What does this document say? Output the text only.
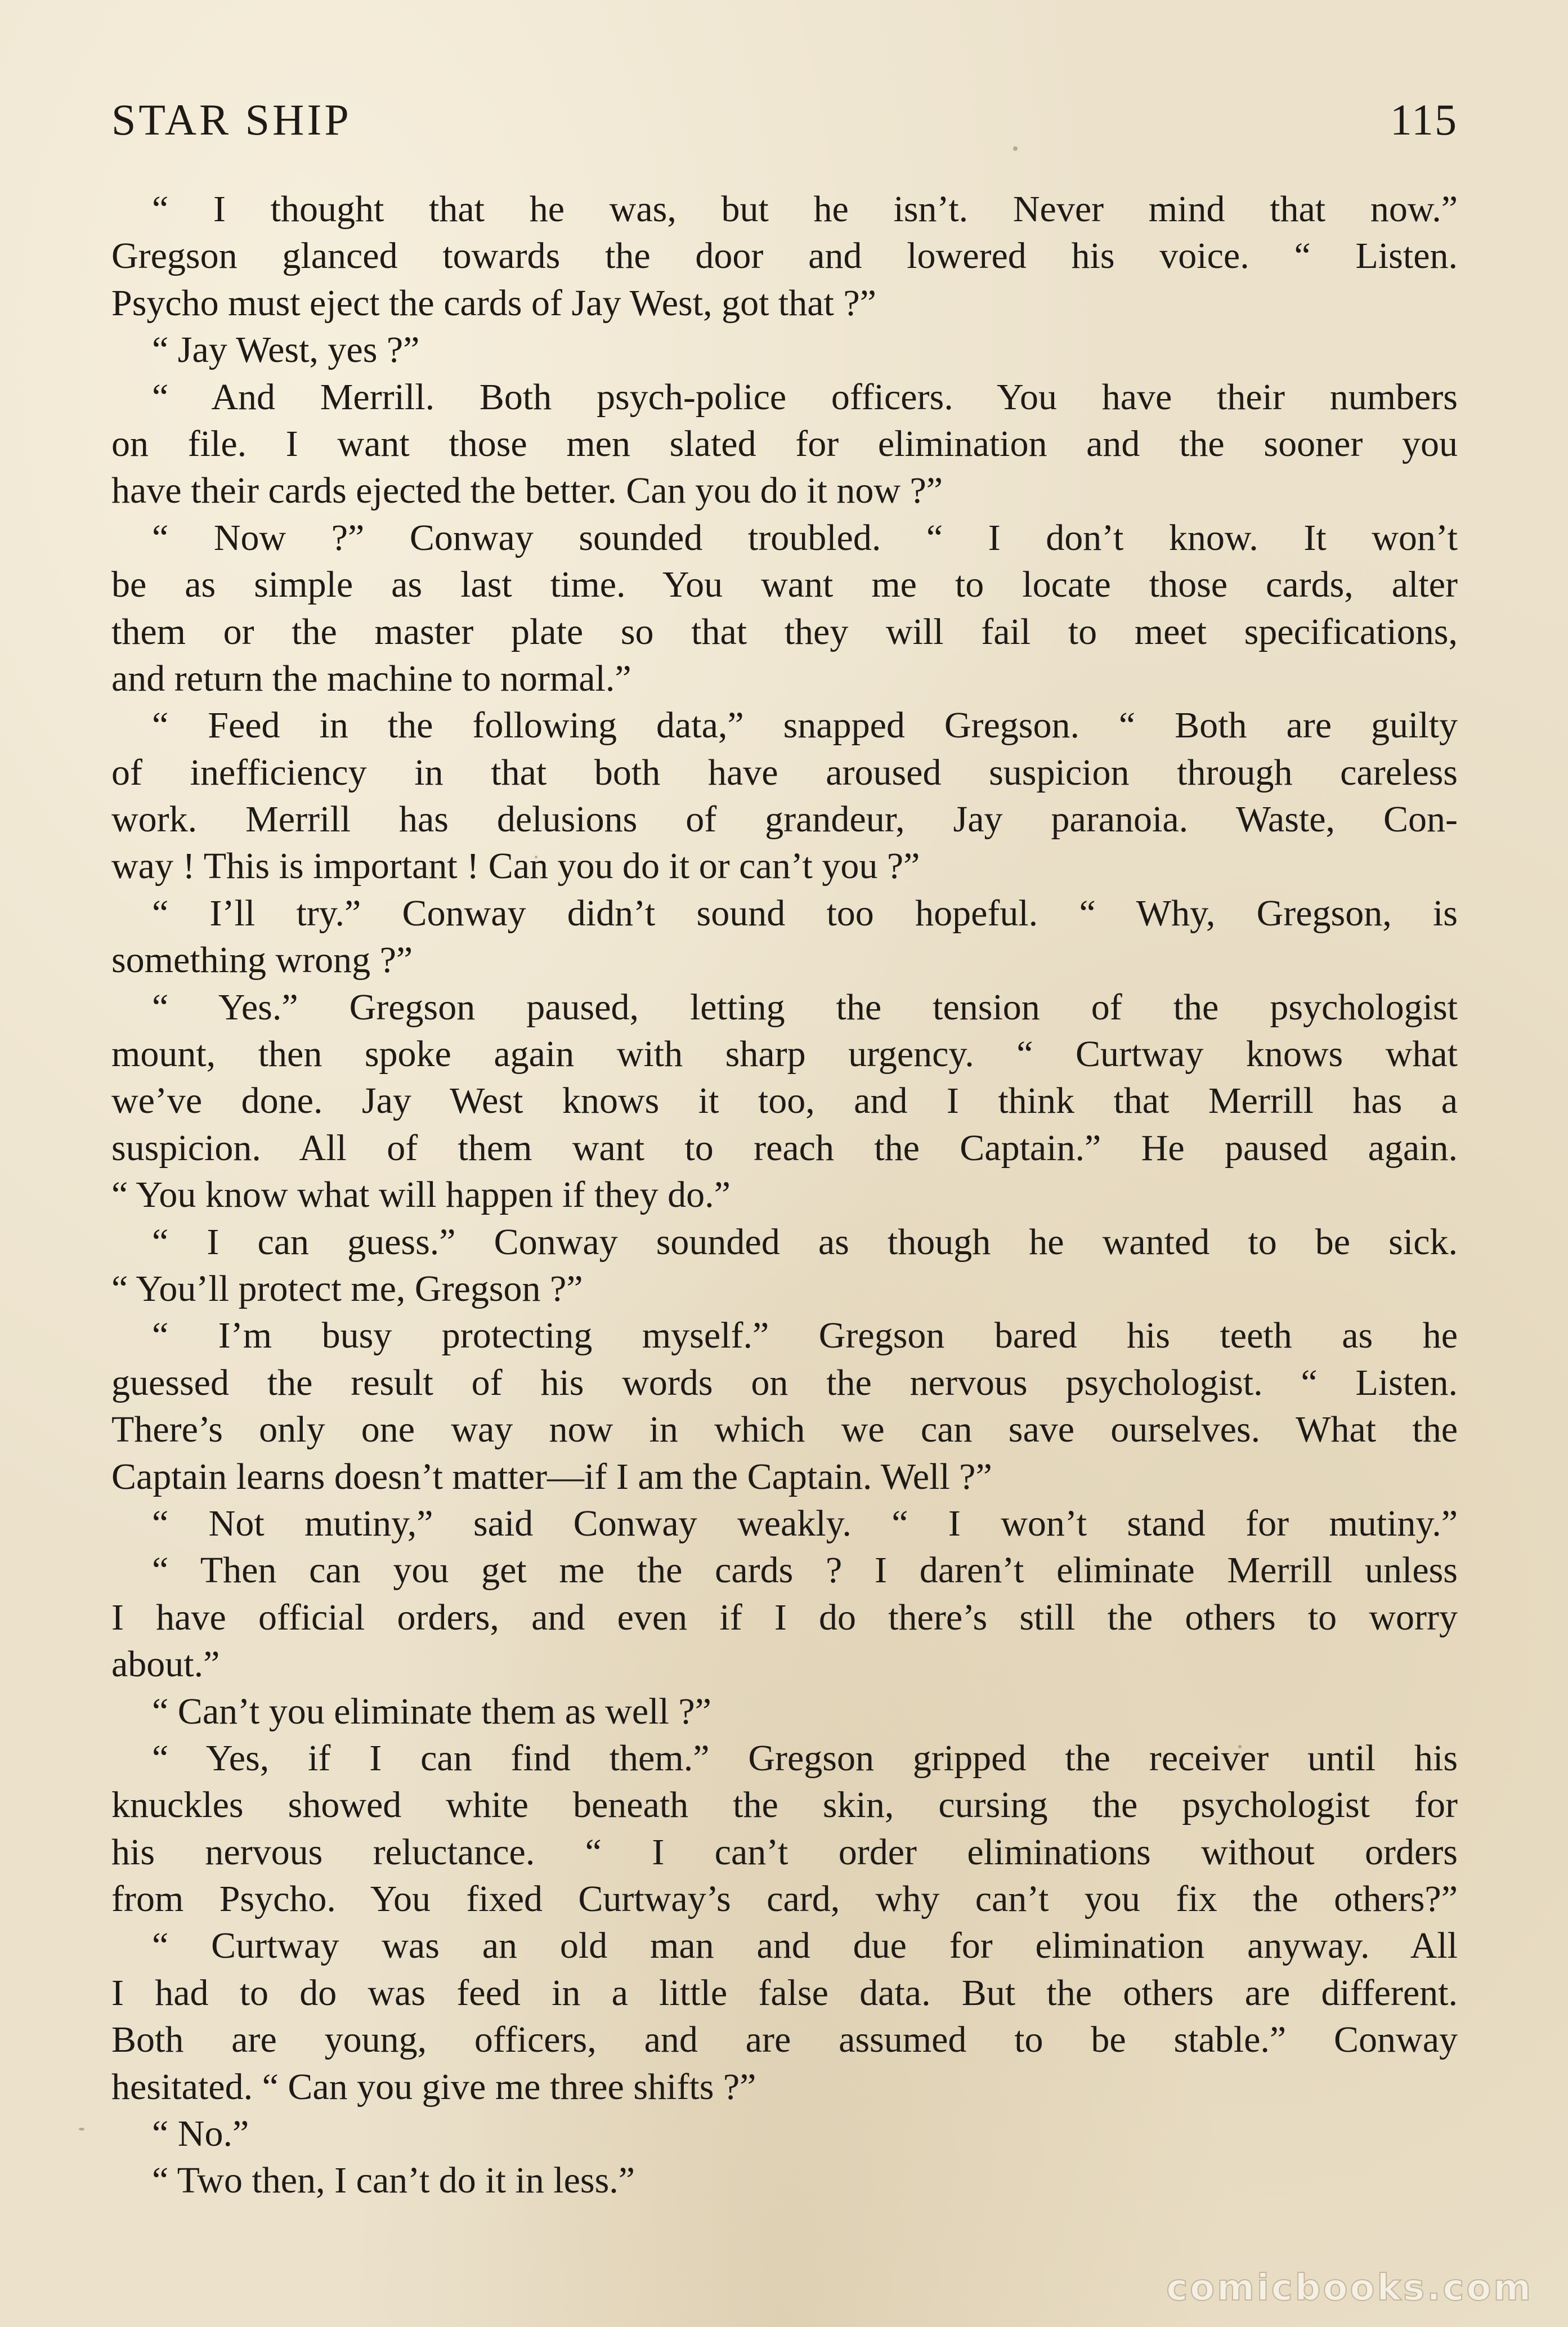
STAR SHIP	115
“ I thought that he was, but he isn’t. Never mind that now.”
Gregson glanced towards the door and lowered his voice. “ Listen.
Psycho must eject the cards of Jay West, got that ?”
“ Jay West, yes ?”
“ And Merrill. Both psych-police officers. You have their numbers
on file. I want those men slated for elimination and the sooner you
have their cards ejected the better. Can you do it now ?”
“ Now ?” Conway sounded troubled. “ I don’t know. It won’t
be as simple as last time. You want me to locate those cards, alter
them or the master plate so that they will fail to meet specifications,
and return the machine to normal.”
“ Feed in the following data,” snapped Gregson. “ Both are guilty
of inefficiency in that both have aroused suspicion through careless
work. Merrill has delusions of grandeur, Jay paranoia. Waste, Con-
way ! This is important ! Can you do it or can’t you ?”
“ I’ll try.” Conway didn’t sound too hopeful. “ Why, Gregson, is
something wrong ?”
“ Yes.” Gregson paused, letting the tension of the psychologist
mount, then spoke again with sharp urgency. “ Curtway knows what
we’ve done. Jay West knows it too, and I think that Merrill has a
suspicion. All of them want to reach the Captain.” He paused again.
“ You know what will happen if they do.”
“ I can guess.” Conway sounded as though he wanted to be sick.
“ You’ll protect me, Gregson ?”
“ I’m busy protecting myself.” Gregson bared his teeth as he
guessed the result of his words on the nervous psychologist. “ Listen.
There’s only one way now in which we can save ourselves. What the
Captain learns doesn’t matter—if I am the Captain. Well ?”
“ Not mutiny,” said Conway weakly. “ I won’t stand for mutiny.”
“ Then can you get me the cards ? I daren’t eliminate Merrill unless
I have official orders, and even if I do there’s still the others to worry
about.”
“ Can’t you eliminate them as well ?”
“ Yes, if I can find them.” Gregson gripped the receiver until his
knuckles showed white beneath the skin, cursing the psychologist for
his nervous reluctance. “ I can’t order eliminations without orders
from Psycho. You fixed Curtway’s card, why can’t you fix the others?”
“ Curtway was an old man and due for elimination anyway. All
I had to do was feed in a little false data. But the others are different.
Both are young, officers, and are assumed to be stable.” Conway
hesitated. “ Can you give me three shifts ?”
“ No.”
“ Two then, I can’t do it in less.”
comicbooks.com
